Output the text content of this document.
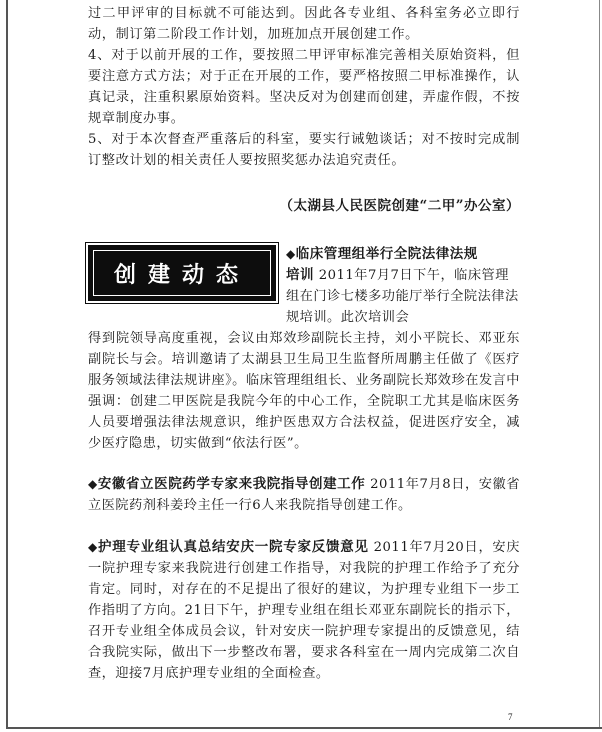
过二甲评审的目标就不可能达到。因此各专业组、各科室务必立即行动，制订第二阶段工作计划，加班加点开展创建工作。

4、对于以前开展的工作，要按照二甲评审标准完善相关原始资料，但要注意方式方法；对于正在开展的工作，要严格按照二甲标准操作，认真记录，注重积累原始资料。坚决反对为创建而创建，弄虚作假，不按规章制度办事。

5、对于本次督查严重落后的科室，要实行诫勉谈话；对不按时完成制订整改计划的相关责任人要按照奖惩办法追究责任。

（太湖县人民医院创建“二甲”办公室）
创建动态
◆临床管理组举行全院法律法规
培训 2011年7月7日下午，临床管理组在门诊七楼多功能厅举行全院法律法规培训。此次培训会
得到院领导高度重视，会议由郑效珍副院长主持，刘小平院长、邓亚东副院长与会。培训邀请了太湖县卫生局卫生监督所周鹏主任做了《医疗服务领域法律法规讲座》。临床管理组组长、业务副院长郑效珍在发言中强调：创建二甲医院是我院今年的中心工作，全院职工尤其是临床医务人员要增强法律法规意识，维护医患双方合法权益，促进医疗安全，减少医疗隐患，切实做到“依法行医”。
◆安徽省立医院药学专家来我院指导创建工作 2011年7月8日，安徽省立医院药剂科姜玲主任一行6人来我院指导创建工作。
◆护理专业组认真总结安庆一院专家反馈意见 2011年7月20日，安庆一院护理专家来我院进行创建工作指导，对我院的护理工作给予了充分肯定。同时，对存在的不足提出了很好的建议，为护理专业组下一步工作指明了方向。21日下午，护理专业组在组长邓亚东副院长的指示下，召开专业组全体成员会议，针对安庆一院护理专家提出的反馈意见，结合我院实际，做出下一步整改布署，要求各科室在一周内完成第二次自查，迎接7月底护理专业组的全面检查。
7
